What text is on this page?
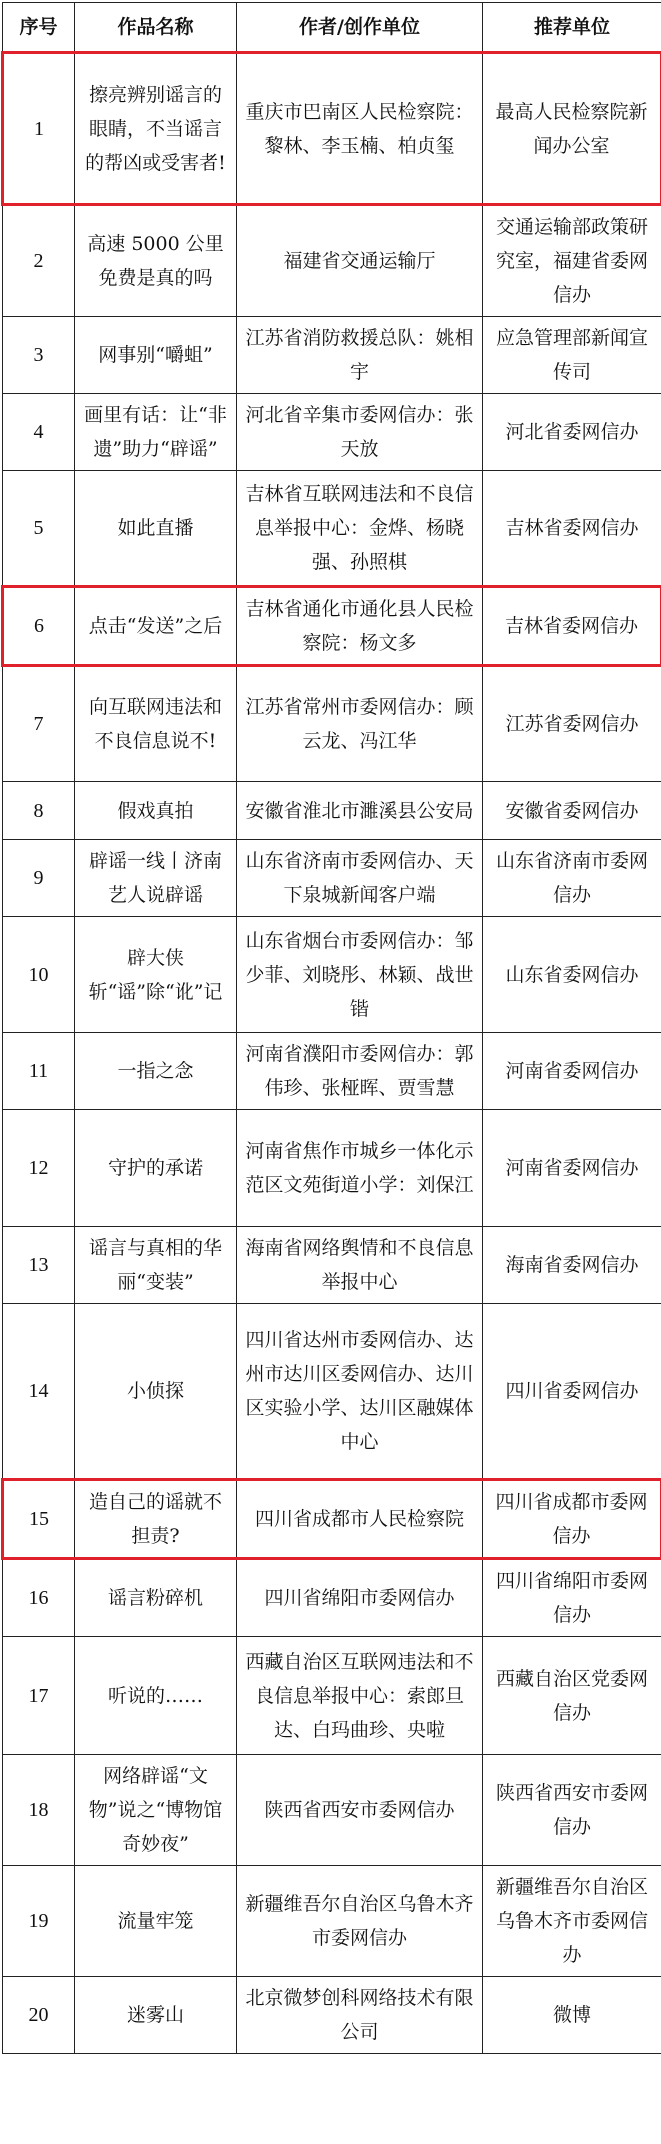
序号	作品名称	作者/创作单位	推荐单位
1	擦亮辨别谣言的眼睛，不当谣言的帮凶或受害者!	重庆市巴南区人民检察院：黎林、李玉楠、柏贞玺	最高人民检察院新闻办公室
2	高速 5000 公里免费是真的吗	福建省交通运输厅	交通运输部政策研究室，福建省委网信办
3	网事别“嚼蛆”	江苏省消防救援总队：姚相宇	应急管理部新闻宣传司
4	画里有话：让“非遗”助力“辟谣”	河北省辛集市委网信办：张天放	河北省委网信办
5	如此直播	吉林省互联网违法和不良信息举报中心：金烨、杨晓强、孙照棋	吉林省委网信办
6	点击“发送”之后	吉林省通化市通化县人民检察院：杨文多	吉林省委网信办
7	向互联网违法和不良信息说不!	江苏省常州市委网信办：顾云龙、冯江华	江苏省委网信办
8	假戏真拍	安徽省淮北市濉溪县公安局	安徽省委网信办
9	辟谣一线丨济南艺人说辟谣	山东省济南市委网信办、天下泉城新闻客户端	山东省济南市委网信办
10	辟大侠斩“谣”除“讹”记	山东省烟台市委网信办：邹少菲、刘晓彤、林颖、战世锴	山东省委网信办
11	一指之念	河南省濮阳市委网信办：郭伟珍、张桠晖、贾雪慧	河南省委网信办
12	守护的承诺	河南省焦作市城乡一体化示范区文苑街道小学：刘保江	河南省委网信办
13	谣言与真相的华丽“变装”	海南省网络舆情和不良信息举报中心	海南省委网信办
14	小侦探	四川省达州市委网信办、达州市达川区委网信办、达川区实验小学、达川区融媒体中心	四川省委网信办
15	造自己的谣就不担责?	四川省成都市人民检察院	四川省成都市委网信办
16	谣言粉碎机	四川省绵阳市委网信办	四川省绵阳市委网信办
17	听说的……	西藏自治区互联网违法和不良信息举报中心：索郎旦达、白玛曲珍、央啦	西藏自治区党委网信办
18	网络辟谣“文物”说之“博物馆奇妙夜”	陕西省西安市委网信办	陕西省西安市委网信办
19	流量牢笼	新疆维吾尔自治区乌鲁木齐市委网信办	新疆维吾尔自治区乌鲁木齐市委网信办
20	迷雾山	北京微梦创科网络技术有限公司	微博
